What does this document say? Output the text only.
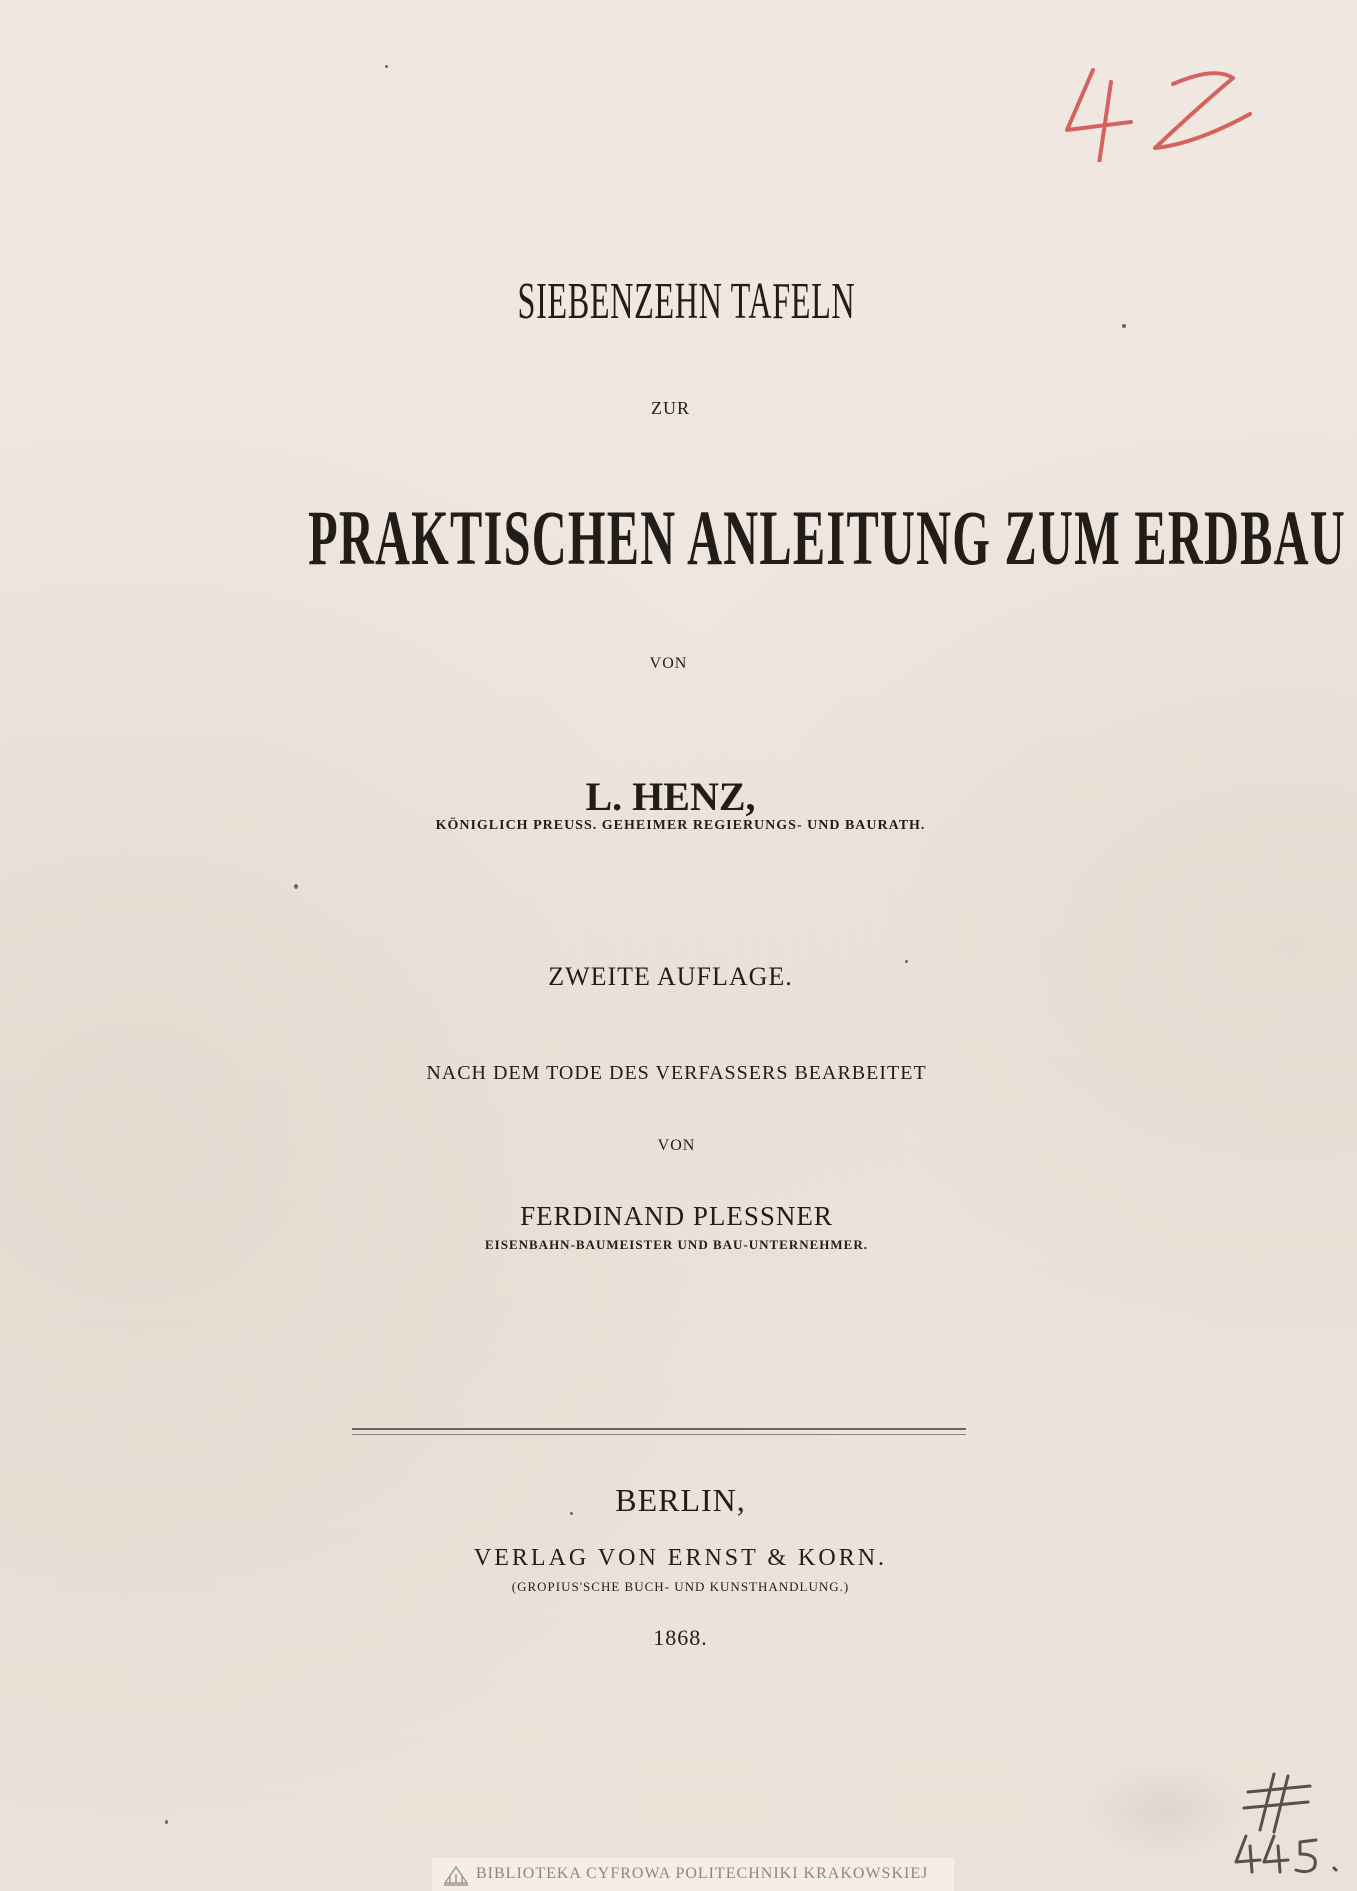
SIEBENZEHN TAFELN
ZUR
PRAKTISCHEN ANLEITUNG ZUM ERDBAU
VON
L. HENZ,
KÖNIGLICH PREUSS. GEHEIMER REGIERUNGS- UND BAURATH.
ZWEITE AUFLAGE.
NACH DEM TODE DES VERFASSERS BEARBEITET
VON
FERDINAND PLESSNER
EISENBAHN-BAUMEISTER UND BAU-UNTERNEHMER.
BERLIN,
VERLAG VON ERNST & KORN.
(GROPIUS'SCHE BUCH- UND KUNSTHANDLUNG.)
1868.
BIBLIOTEKA CYFROWA POLITECHNIKI KRAKOWSKIEJ
